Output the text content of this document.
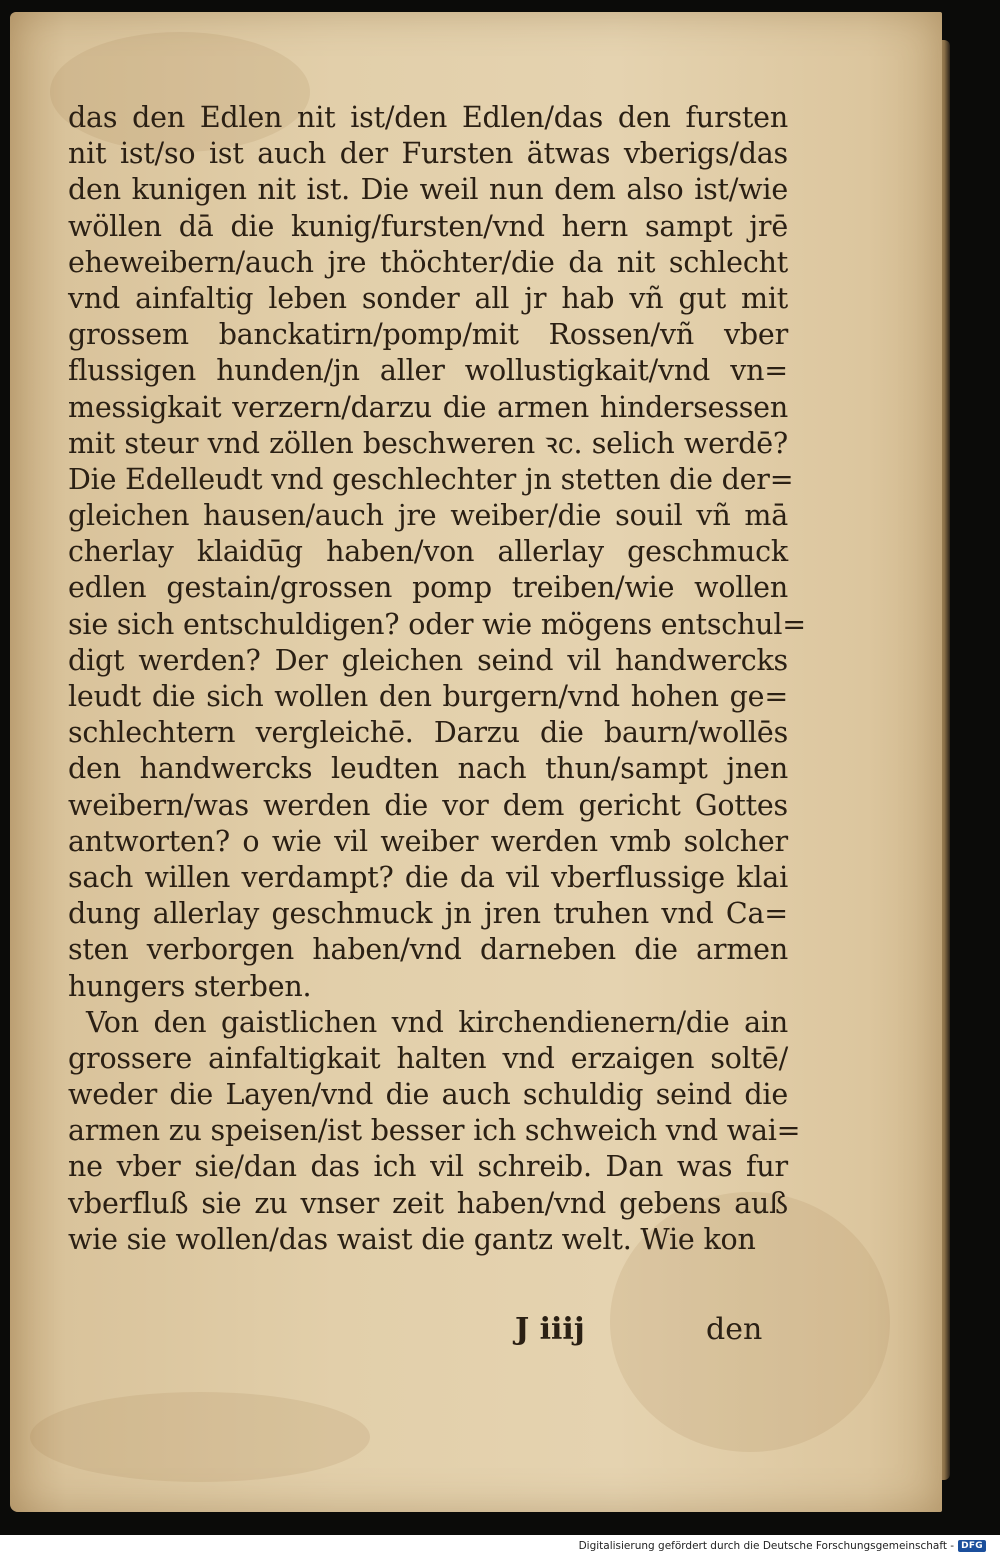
das den Edlen nit ist/den Edlen/das den fursten
nit ist/so ist auch der Fursten ätwas vberigs/das
den kunigen nit ist. Die weil nun dem also ist/wie
wöllen dā die kunig/fursten/vnd hern sampt jrē
eheweibern/auch jre thöchter/die da nit schlecht
vnd ainfaltig leben sonder all jr hab vñ gut mit
grossem banckatirn/pomp/mit Rossen/vñ vber
flussigen hunden/jn aller wollustigkait/vnd vn=
messigkait verzern/darzu die armen hindersessen
mit steur vnd zöllen beschweren ꝛc. selich werdē?
Die Edelleudt vnd geschlechter jn stetten die der=
gleichen hausen/auch jre weiber/die souil vñ mā
cherlay klaidūg haben/von allerlay geschmuck
edlen gestain/grossen pomp treiben/wie wollen
sie sich entschuldigen? oder wie mögens entschul=
digt werden? Der gleichen seind vil handwercks
leudt die sich wollen den burgern/vnd hohen ge=
schlechtern vergleichē. Darzu die baurn/wollēs
den handwercks leudten nach thun/sampt jnen
weibern/was werden die vor dem gericht Gottes
antworten? o wie vil weiber werden vmb solcher
sach willen verdampt? die da vil vberflussige klai
dung allerlay geschmuck jn jren truhen vnd Ca=
sten verborgen haben/vnd darneben die armen
hungers sterben.
Von den gaistlichen vnd kirchendienern/die ain
grossere ainfaltigkait halten vnd erzaigen soltē/
weder die Layen/vnd die auch schuldig seind die
armen zu speisen/ist besser ich schweich vnd wai=
ne vber sie/dan das ich vil schreib. Dan was fur
vberfluß sie zu vnser zeit haben/vnd gebens auß
wie sie wollen/das waist die gantz welt. Wie kon
J iiij	den
Digitalisierung gefördert durch die Deutsche Forschungsgemeinschaft - DFG
